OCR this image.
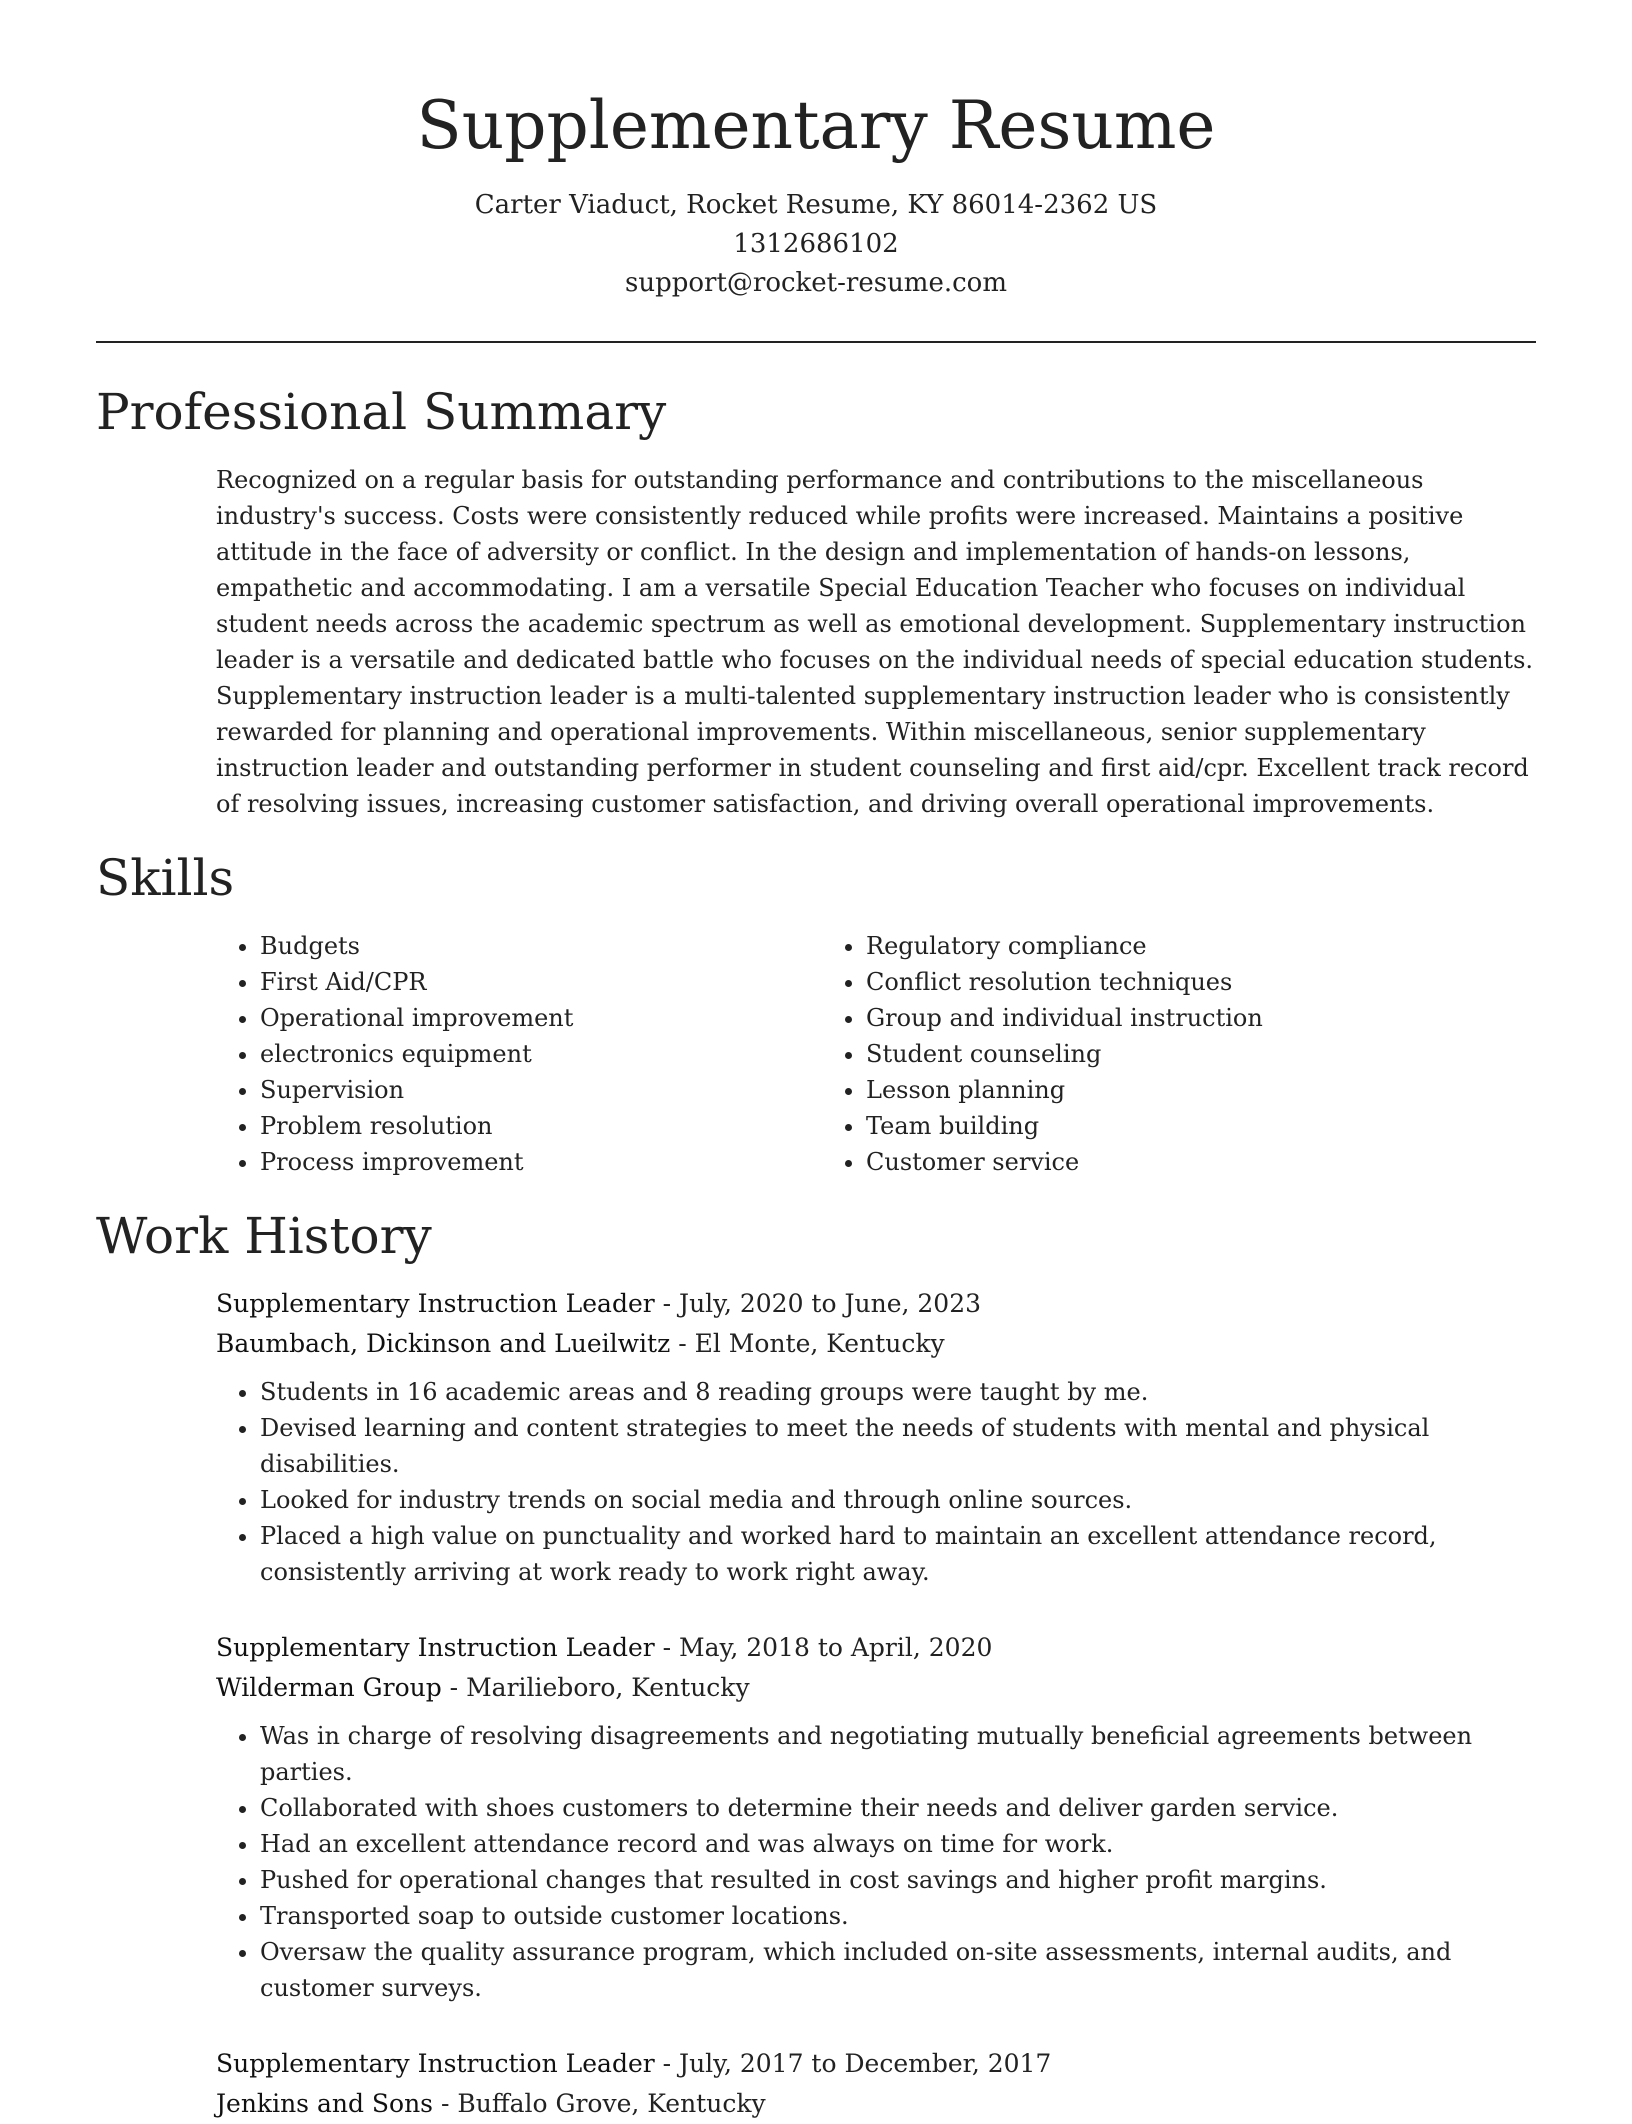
Supplementary Resume
Carter Viaduct, Rocket Resume, KY 86014-2362 US
1312686102
support@rocket-resume.com
Professional Summary

Recognized on a regular basis for outstanding performance and contributions to the miscellaneous industry's success. Costs were consistently reduced while profits were increased. Maintains a positive attitude in the face of adversity or conflict. In the design and implementation of hands-on lessons, empathetic and accommodating. I am a versatile Special Education Teacher who focuses on individual student needs across the academic spectrum as well as emotional development. Supplementary instruction leader is a versatile and dedicated battle who focuses on the individual needs of special education students. Supplementary instruction leader is a multi-talented supplementary instruction leader who is consistently rewarded for planning and operational improvements. Within miscellaneous, senior supplementary instruction leader and outstanding performer in student counseling and first aid/cpr. Excellent track record of resolving issues, increasing customer satisfaction, and driving overall operational improvements.

Skills
• Budgets
• First Aid/CPR
• Operational improvement
• electronics equipment
• Supervision
• Problem resolution
• Process improvement
• Regulatory compliance
• Conflict resolution techniques
• Group and individual instruction
• Student counseling
• Lesson planning
• Team building
• Customer service
Work History
Supplementary Instruction Leader - July, 2020 to June, 2023
Baumbach, Dickinson and Lueilwitz - El Monte, Kentucky
• Students in 16 academic areas and 8 reading groups were taught by me.
• Devised learning and content strategies to meet the needs of students with mental and physical disabilities.
• Looked for industry trends on social media and through online sources.
• Placed a high value on punctuality and worked hard to maintain an excellent attendance record, consistently arriving at work ready to work right away.
Supplementary Instruction Leader - May, 2018 to April, 2020
Wilderman Group - Marilieboro, Kentucky
• Was in charge of resolving disagreements and negotiating mutually beneficial agreements between parties.
• Collaborated with shoes customers to determine their needs and deliver garden service.
• Had an excellent attendance record and was always on time for work.
• Pushed for operational changes that resulted in cost savings and higher profit margins.
• Transported soap to outside customer locations.
• Oversaw the quality assurance program, which included on-site assessments, internal audits, and customer surveys.
Supplementary Instruction Leader - July, 2017 to December, 2017
Jenkins and Sons - Buffalo Grove, Kentucky
